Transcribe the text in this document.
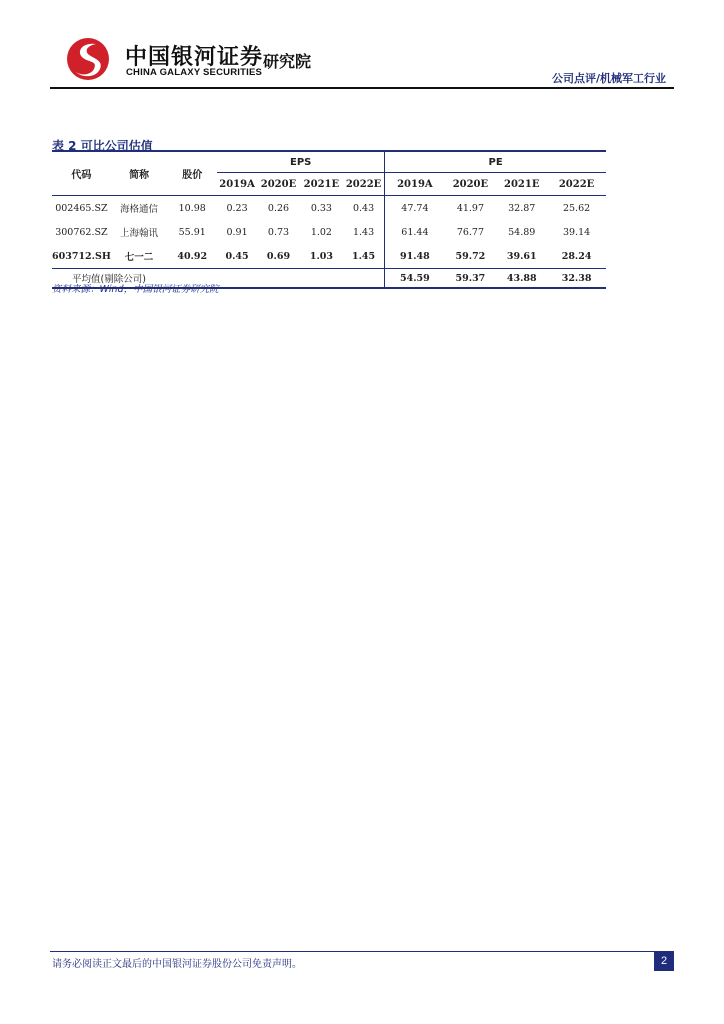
中国银河证券
CHINA GALAXY SECURITIES
研究院
公司点评/机械军工行业
表 2 可比公司估值
代码	简称	股价	EPS				PE			
			2019A	2020E	2021E	2022E	2019A	2020E	2021E	2022E
002465.SZ	海格通信	10.98	0.23	0.26	0.33	0.43	47.74	41.97	32.87	25.62
300762.SZ	上海翰讯	55.91	0.91	0.73	1.02	1.43	61.44	76.77	54.89	39.14
603712.SH	七一二	40.92	0.45	0.69	1.03	1.45	91.48	59.72	39.61	28.24
平均值(剔除公司)							54.59	59.37	43.88	32.38
资料来源：Wind，中国银河证券研究院
请务必阅读正文最后的中国银河证券股份公司免责声明。	2
